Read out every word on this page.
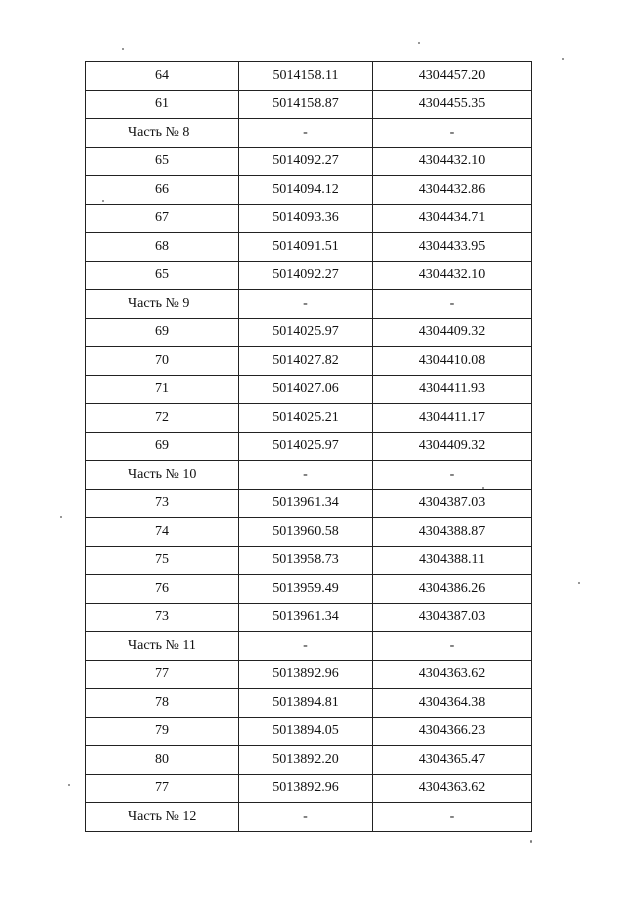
64	5014158.11	4304457.20
61	5014158.87	4304455.35
Часть № 8	-	-
65	5014092.27	4304432.10
66	5014094.12	4304432.86
67	5014093.36	4304434.71
68	5014091.51	4304433.95
65	5014092.27	4304432.10
Часть № 9	-	-
69	5014025.97	4304409.32
70	5014027.82	4304410.08
71	5014027.06	4304411.93
72	5014025.21	4304411.17
69	5014025.97	4304409.32
Часть № 10	-	-
73	5013961.34	4304387.03
74	5013960.58	4304388.87
75	5013958.73	4304388.11
76	5013959.49	4304386.26
73	5013961.34	4304387.03
Часть № 11	-	-
77	5013892.96	4304363.62
78	5013894.81	4304364.38
79	5013894.05	4304366.23
80	5013892.20	4304365.47
77	5013892.96	4304363.62
Часть № 12	-	-
